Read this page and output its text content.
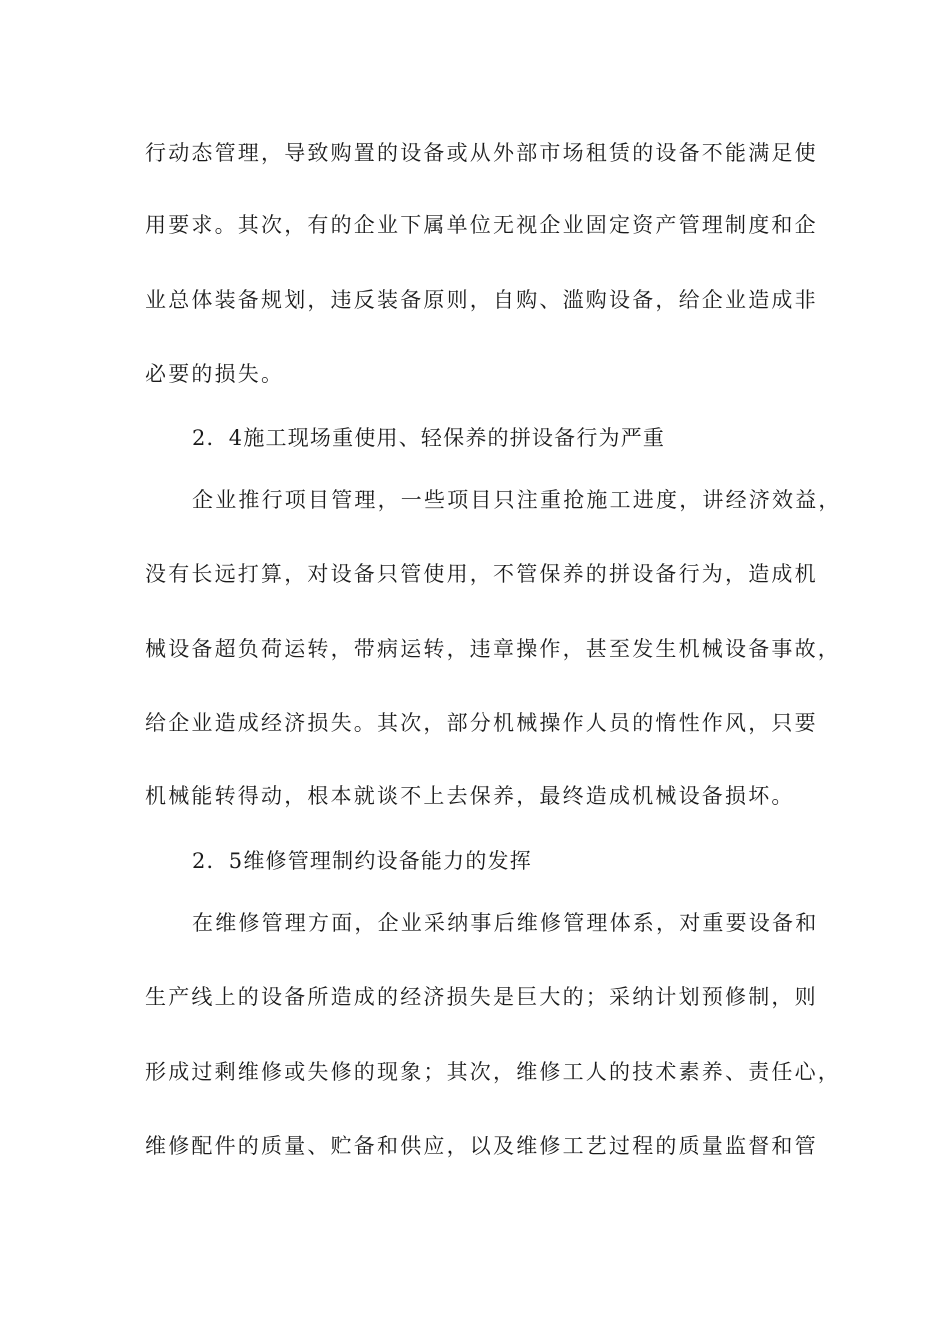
行动态管理，导致购置的设备或从外部市场租赁的设备不能满足使
用要求。其次，有的企业下属单位无视企业固定资产管理制度和企
业总体装备规划，违反装备原则，自购、滥购设备，给企业造成非
必要的损失。
2．4施工现场重使用、轻保养的拼设备行为严重
企业推行项目管理，一些项目只注重抢施工进度，讲经济效益，
没有长远打算，对设备只管使用，不管保养的拼设备行为，造成机
械设备超负荷运转，带病运转，违章操作，甚至发生机械设备事故，
给企业造成经济损失。其次，部分机械操作人员的惰性作风，只要
机械能转得动，根本就谈不上去保养，最终造成机械设备损坏。
2．5维修管理制约设备能力的发挥
在维修管理方面，企业采纳事后维修管理体系，对重要设备和
生产线上的设备所造成的经济损失是巨大的；采纳计划预修制，则
形成过剩维修或失修的现象；其次，维修工人的技术素养、责任心，
维修配件的质量、贮备和供应，以及维修工艺过程的质量监督和管
